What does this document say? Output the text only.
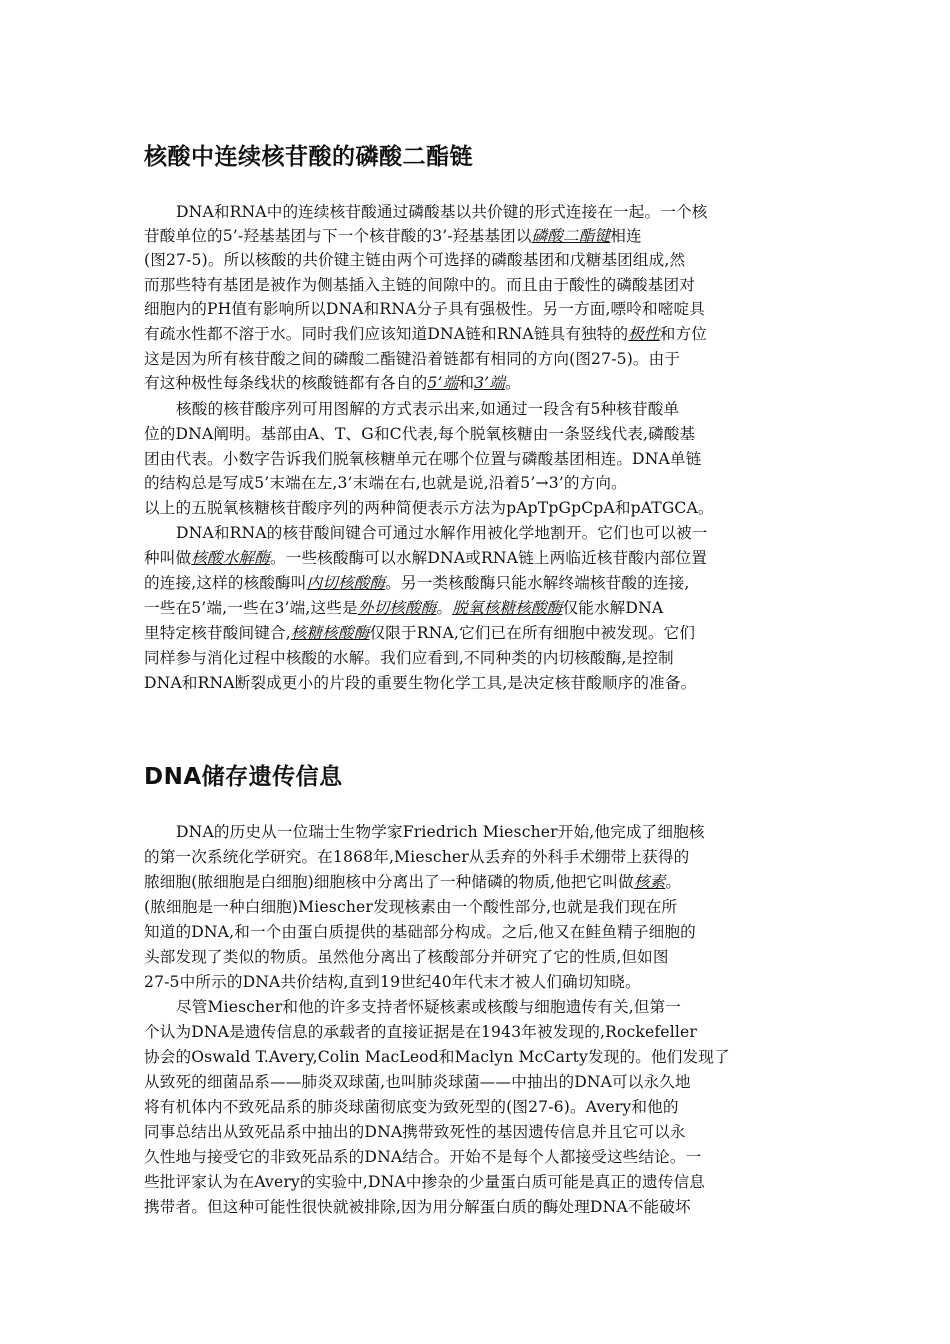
核酸中连续核苷酸的磷酸二酯链

DNA和RNA中的连续核苷酸通过磷酸基以共价键的形式连接在一起。一个核

苷酸单位的5’-羟基基团与下一个核苷酸的3’-羟基基团以磷酸二酯键相连

(图27-5)。所以核酸的共价键主链由两个可选择的磷酸基团和戊糖基团组成,然

而那些特有基团是被作为侧基插入主链的间隙中的。而且由于酸性的磷酸基团对

细胞内的PH值有影响所以DNA和RNA分子具有强极性。另一方面,嘌呤和嘧啶具

有疏水性都不溶于水。同时我们应该知道DNA链和RNA链具有独特的极性和方位

这是因为所有核苷酸之间的磷酸二酯键沿着链都有相同的方向(图27-5)。由于

有这种极性每条线状的核酸链都有各自的5’端和3’端。

核酸的核苷酸序列可用图解的方式表示出来,如通过一段含有5种核苷酸单

位的DNA阐明。基部由A、T、G和C代表,每个脱氧核糖由一条竖线代表,磷酸基

团由代表。小数字告诉我们脱氧核糖单元在哪个位置与磷酸基团相连。DNA单链

的结构总是写成5’末端在左,3’末端在右,也就是说,沿着5’→3’的方向。

以上的五脱氧核糖核苷酸序列的两种简便表示方法为pApTpGpCpA和pATGCA。

DNA和RNA的核苷酸间键合可通过水解作用被化学地割开。它们也可以被一

种叫做核酸水解酶。一些核酸酶可以水解DNA或RNA链上两临近核苷酸内部位置

的连接,这样的核酸酶叫内切核酸酶。另一类核酸酶只能水解终端核苷酸的连接,

一些在5’端,一些在3’端,这些是外切核酸酶。脱氧核糖核酸酶仅能水解DNA

里特定核苷酸间键合,核糖核酸酶仅限于RNA,它们已在所有细胞中被发现。它们

同样参与消化过程中核酸的水解。我们应看到,不同种类的内切核酸酶,是控制

DNA和RNA断裂成更小的片段的重要生物化学工具,是决定核苷酸顺序的准备。

DNA储存遗传信息

DNA的历史从一位瑞士生物学家Friedrich Miescher开始,他完成了细胞核

的第一次系统化学研究。在1868年,Miescher从丢弃的外科手术绷带上获得的

脓细胞(脓细胞是白细胞)细胞核中分离出了一种储磷的物质,他把它叫做核素。

(脓细胞是一种白细胞)Miescher发现核素由一个酸性部分,也就是我们现在所

知道的DNA,和一个由蛋白质提供的基础部分构成。之后,他又在鲑鱼精子细胞的

头部发现了类似的物质。虽然他分离出了核酸部分并研究了它的性质,但如图

27-5中所示的DNA共价结构,直到19世纪40年代末才被人们确切知晓。

尽管Miescher和他的许多支持者怀疑核素或核酸与细胞遗传有关,但第一

个认为DNA是遗传信息的承载者的直接证据是在1943年被发现的,Rockefeller

协会的Oswald T.Avery,Colin MacLeod和Maclyn McCarty发现的。他们发现了

从致死的细菌品系——肺炎双球菌,也叫肺炎球菌——中抽出的DNA可以永久地

将有机体内不致死品系的肺炎球菌彻底变为致死型的(图27-6)。Avery和他的

同事总结出从致死品系中抽出的DNA携带致死性的基因遗传信息并且它可以永

久性地与接受它的非致死品系的DNA结合。开始不是每个人都接受这些结论。一

些批评家认为在Avery的实验中,DNA中掺杂的少量蛋白质可能是真正的遗传信息

携带者。但这种可能性很快就被排除,因为用分解蛋白质的酶处理DNA不能破坏
